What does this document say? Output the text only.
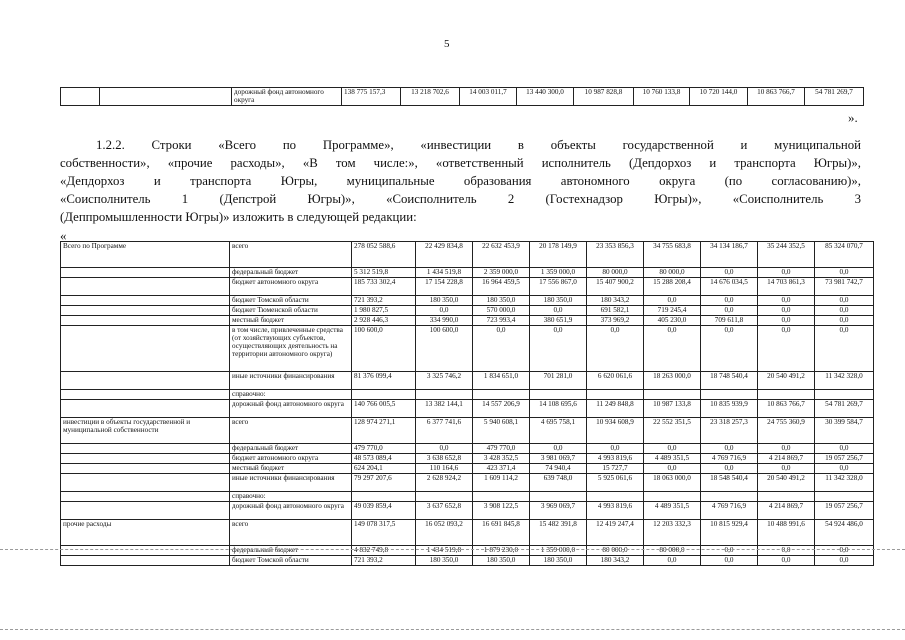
5
		дорожный фонд автономного округа	138 775 157,3	13 218 702,6	14 003 011,7	13 440 300,0	10 987 828,8	10 760 133,8	10 720 144,0	10 863 766,7	54 781 269,7
».
1.2.2. Строки «Всего по Программе», «инвестиции в объекты государственной и муниципальной
собственности», «прочие расходы», «В том числе:», «ответственный исполнитель (Депдорхоз и транспорта Югры)»,
«Депдорхоз и транспорта Югры, муниципальные образования автономного округа (по согласованию)»,
«Соисполнитель 1 (Депстрой Югры)», «Соисполнитель 2 (Гостехнадзор Югры)», «Соисполнитель 3
(Деппромышленности Югры)» изложить в следующей редакции:
«
Всего по Программе	всего	278 052 588,6	22 429 834,8	22 632 453,9	20 178 149,9	23 353 856,3	34 755 683,8	34 134 186,7	35 244 352,5	85 324 070,7
	федеральный бюджет	5 312 519,8	1 434 519,8	2 359 000,0	1 359 000,0	80 000,0	80 000,0	0,0	0,0	0,0
	бюджет автономного округа	185 733 302,4	17 154 228,8	16 964 459,5	17 556 867,0	15 407 900,2	15 288 208,4	14 676 034,5	14 703 861,3	73 981 742,7
	бюджет Томской области	721 393,2	180 350,0	180 350,0	180 350,0	180 343,2	0,0	0,0	0,0	0,0
	бюджет Тюменской области	1 980 827,5	0,0	570 000,0	0,0	691 582,1	719 245,4	0,0	0,0	0,0
	местный бюджет	2 928 446,3	334 990,0	723 993,4	380 651,9	373 969,2	405 230,0	709 611,8	0,0	0,0
	в том числе, привлеченные средства (от хозяйствующих субъектов, осуществляющих деятельность на территории автономного округа)	100 600,0	100 600,0	0,0	0,0	0,0	0,0	0,0	0,0	0,0
	иные источники финансирования	81 376 099,4	3 325 746,2	1 834 651,0	701 281,0	6 620 061,6	18 263 000,0	18 748 540,4	20 540 491,2	11 342 328,0
	справочно:									
	дорожный фонд автономного округа	140 766 005,5	13 382 144,1	14 557 206,9	14 108 695,6	11 249 848,8	10 987 133,8	10 835 939,9	10 863 766,7	54 781 269,7
инвестиции в объекты государственной и муниципальной собственности	всего	128 974 271,1	6 377 741,6	5 940 608,1	4 695 758,1	10 934 608,9	22 552 351,5	23 318 257,3	24 755 360,9	30 399 584,7
	федеральный бюджет	479 770,0	0,0	479 770,0	0,0	0,0	0,0	0,0	0,0	0,0
	бюджет автономного округа	48 573 089,4	3 638 652,8	3 428 352,5	3 981 069,7	4 993 819,6	4 489 351,5	4 769 716,9	4 214 869,7	19 057 256,7
	местный бюджет	624 204,1	110 164,6	423 371,4	74 940,4	15 727,7	0,0	0,0	0,0	0,0
	иные источники финансирования	79 297 207,6	2 628 924,2	1 609 114,2	639 748,0	5 925 061,6	18 063 000,0	18 548 540,4	20 540 491,2	11 342 328,0
	справочно:									
	дорожный фонд автономного округа	49 039 859,4	3 637 652,8	3 908 122,5	3 969 069,7	4 993 819,6	4 489 351,5	4 769 716,9	4 214 869,7	19 057 256,7
прочие расходы	всего	149 078 317,5	16 052 093,2	16 691 845,8	15 482 391,8	12 419 247,4	12 203 332,3	10 815 929,4	10 488 991,6	54 924 486,0
	федеральный бюджет	4 832 749,8	1 434 519,8	1 879 230,0	1 359 000,0	80 000,0	80 000,0	0,0	0,0	0,0
	бюджет Томской области	721 393,2	180 350,0	180 350,0	180 350,0	180 343,2	0,0	0,0	0,0	0,0
